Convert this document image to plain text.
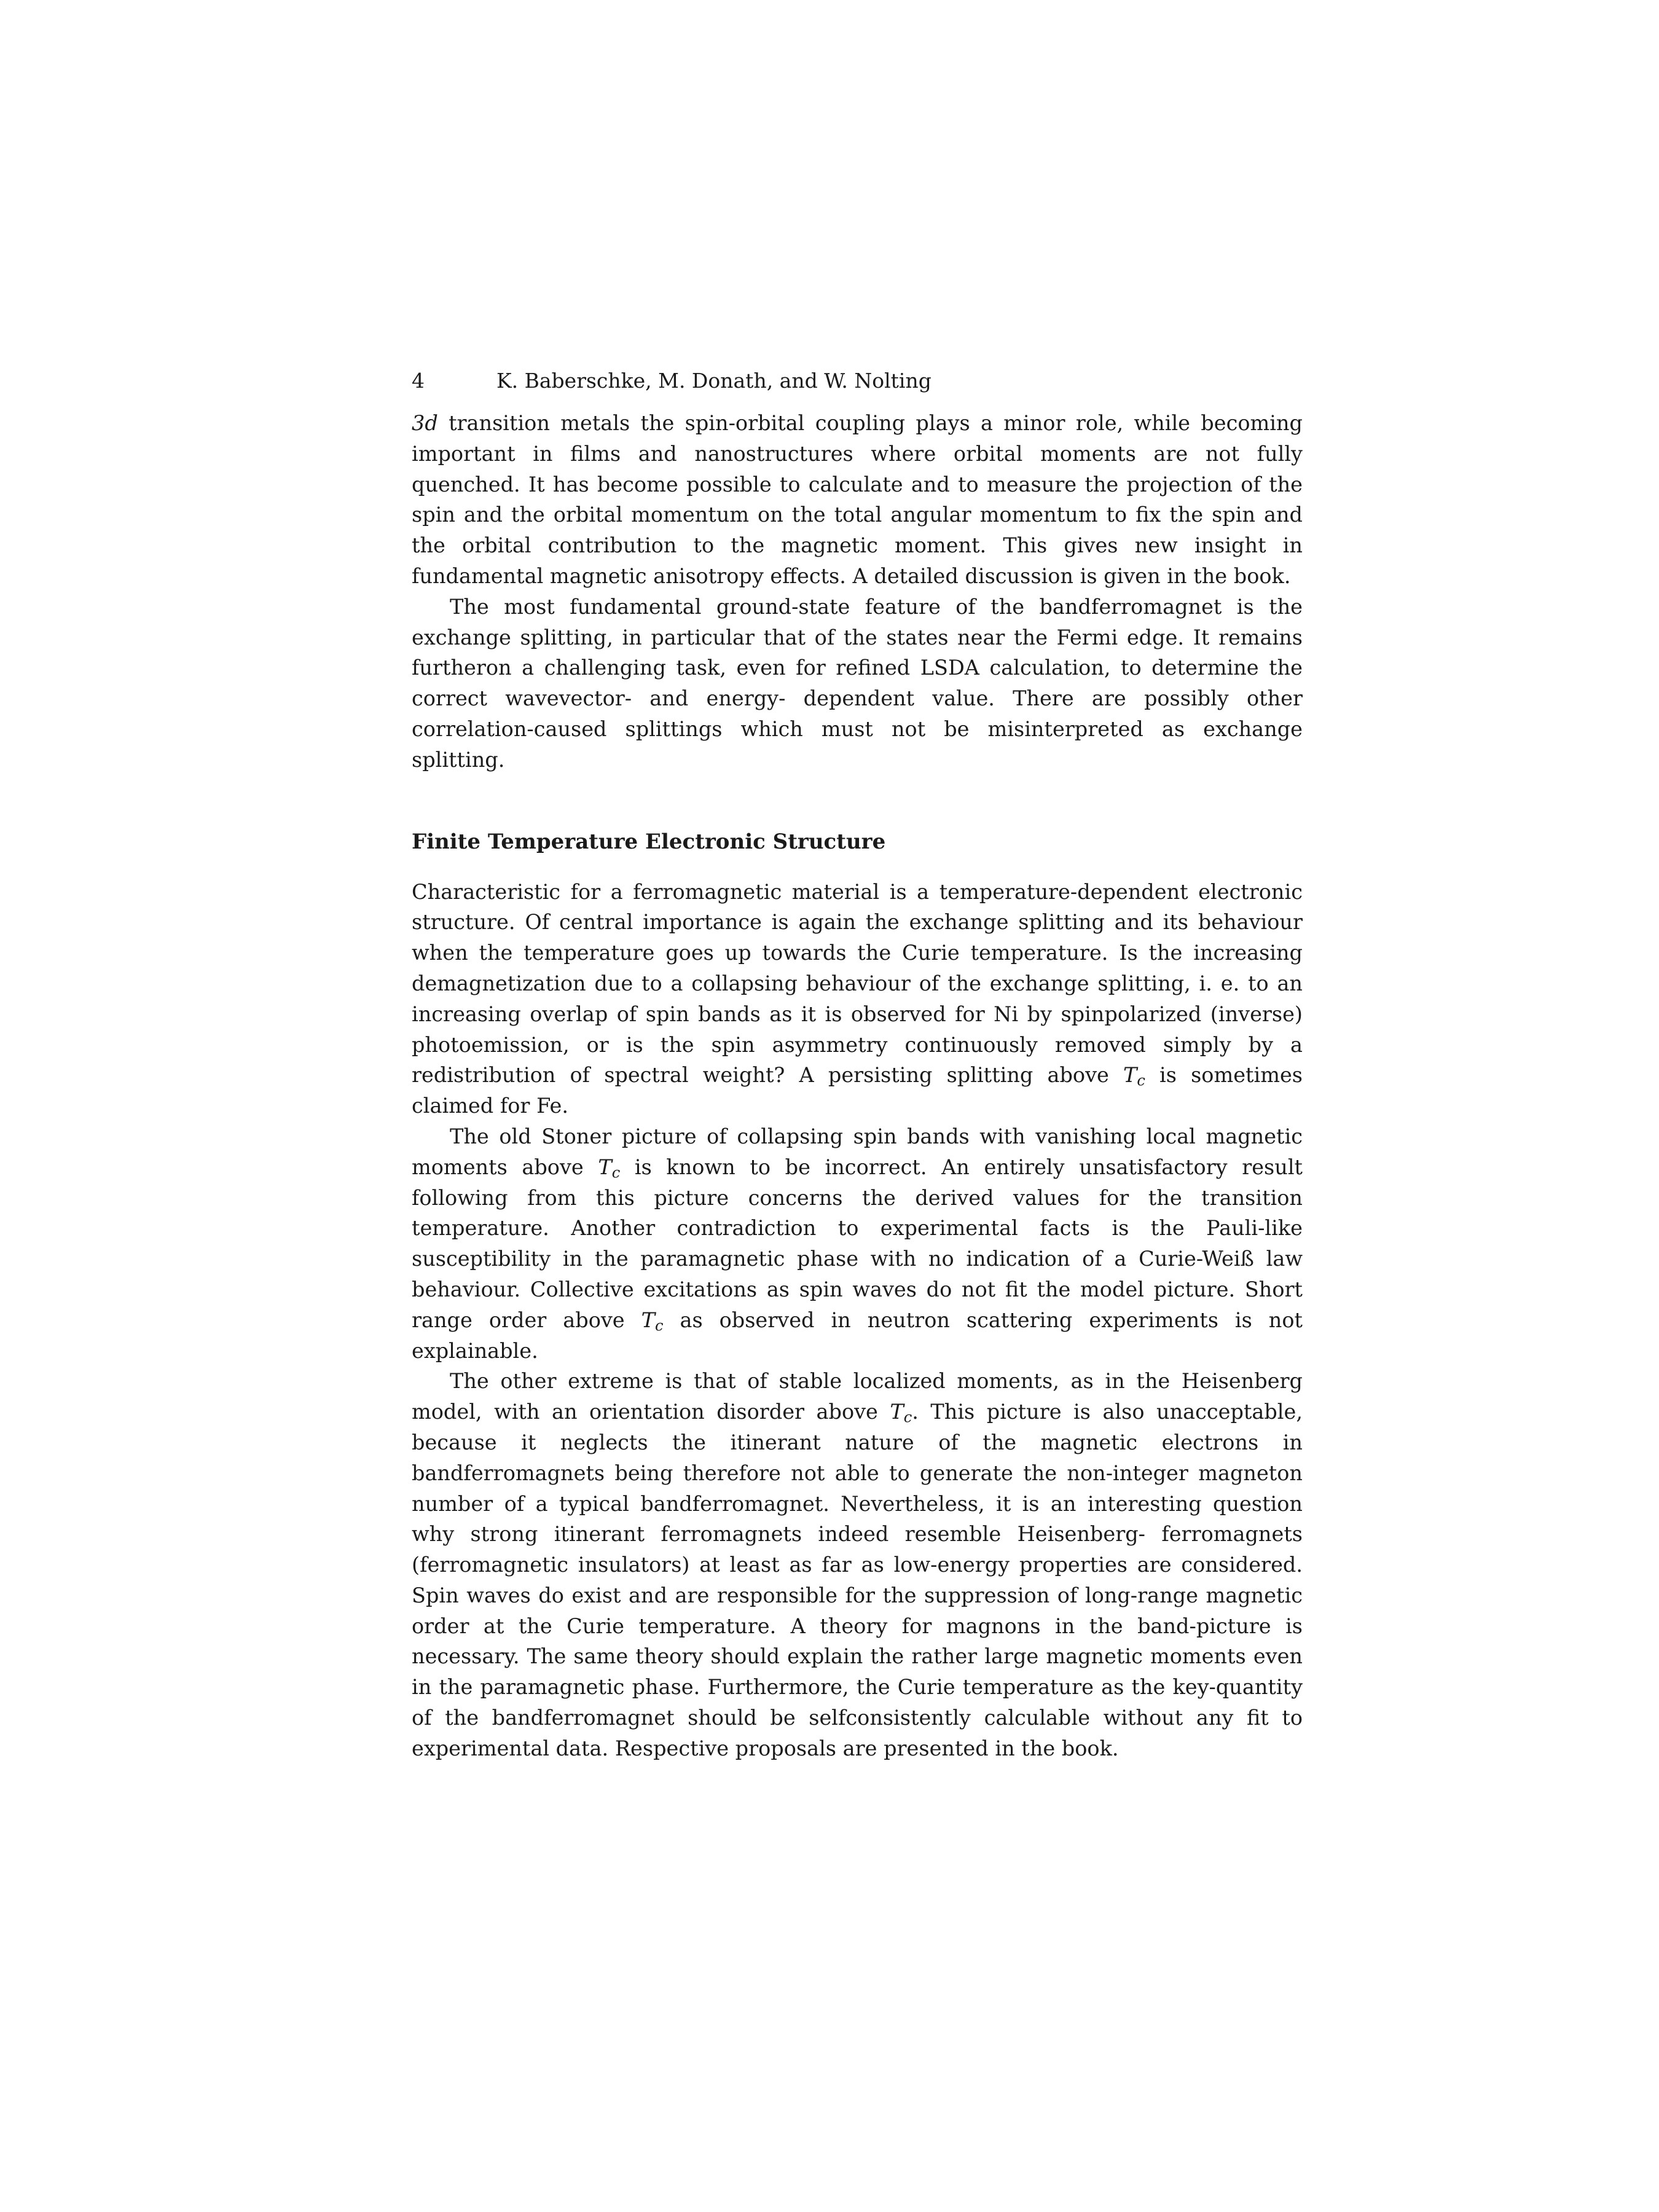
4	K. Baberschke, M. Donath, and W. Nolting

3d transition metals the spin-orbital coupling plays a minor role, while becoming important in films and nanostructures where orbital moments are not fully quenched. It has become possible to calculate and to measure the projection of the spin and the orbital momentum on the total angular momentum to fix the spin and the orbital contribution to the magnetic moment. This gives new insight in fundamental magnetic anisotropy effects. A detailed discussion is given in the book.

The most fundamental ground-state feature of the bandferromagnet is the exchange splitting, in particular that of the states near the Fermi edge. It remains furtheron a challenging task, even for refined LSDA calculation, to determine the correct wavevector- and energy- dependent value. There are possibly other correlation-caused splittings which must not be misinterpreted as exchange splitting.

Finite Temperature Electronic Structure

Characteristic for a ferromagnetic material is a temperature-dependent electronic structure. Of central importance is again the exchange splitting and its behaviour when the temperature goes up towards the Curie temperature. Is the increasing demagnetization due to a collapsing behaviour of the exchange splitting, i. e. to an increasing overlap of spin bands as it is observed for Ni by spinpolarized (inverse) photoemission, or is the spin asymmetry continuously removed simply by a redistribution of spectral weight? A persisting splitting above $T_c$ is sometimes claimed for Fe.

The old Stoner picture of collapsing spin bands with vanishing local magnetic moments above $T_c$ is known to be incorrect. An entirely unsatisfactory result following from this picture concerns the derived values for the transition temperature. Another contradiction to experimental facts is the Pauli-like susceptibility in the paramagnetic phase with no indication of a Curie-Weiß law behaviour. Collective excitations as spin waves do not fit the model picture. Short range order above $T_c$ as observed in neutron scattering experiments is not explainable.

The other extreme is that of stable localized moments, as in the Heisenberg model, with an orientation disorder above $T_c$. This picture is also unacceptable, because it neglects the itinerant nature of the magnetic electrons in bandferromagnets being therefore not able to generate the non-integer magneton number of a typical bandferromagnet. Nevertheless, it is an interesting question why strong itinerant ferromagnets indeed resemble Heisenberg- ferromagnets (ferromagnetic insulators) at least as far as low-energy properties are considered. Spin waves do exist and are responsible for the suppression of long-range magnetic order at the Curie temperature. A theory for magnons in the band-picture is necessary. The same theory should explain the rather large magnetic moments even in the paramagnetic phase. Furthermore, the Curie temperature as the key-quantity of the bandferromagnet should be selfconsistently calculable without any fit to experimental data. Respective proposals are presented in the book.
